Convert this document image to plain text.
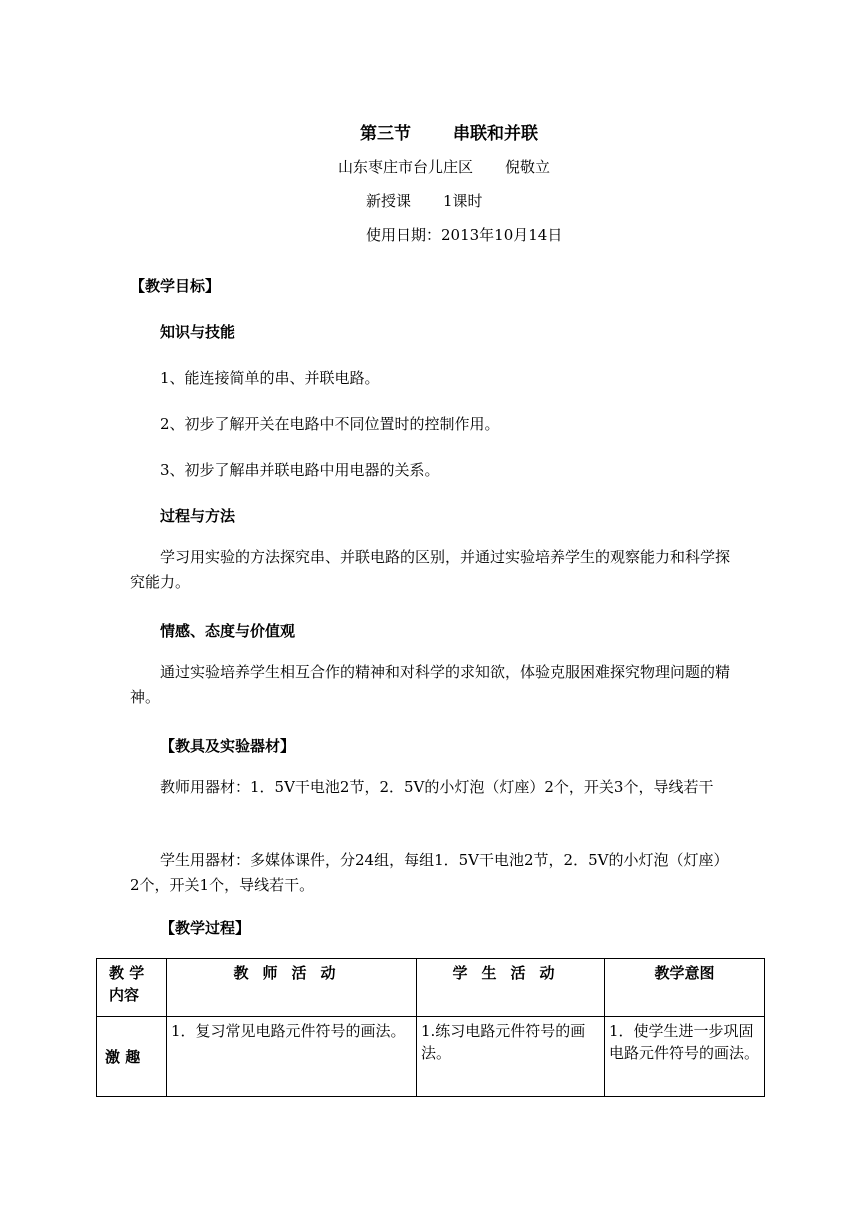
第三节 串联和并联
山东枣庄市台儿庄区 倪敬立
新授课 1课时
使用日期：2013年10月14日
【教学目标】
知识与技能
1、能连接简单的串、并联电路。
2、初步了解开关在电路中不同位置时的控制作用。
3、初步了解串并联电路中用电器的关系。
过程与方法
学习用实验的方法探究串、并联电路的区别，并通过实验培养学生的观察能力和科学探究能力。
情感、态度与价值观
通过实验培养学生相互合作的精神和对科学的求知欲，体验克服困难探究物理问题的精神。
【教具及实验器材】
教师用器材：1．5V干电池2节，2．5V的小灯泡（灯座）2个，开关3个，导线若干
学生用器材：多媒体课件，分24组，每组1．5V干电池2节，2．5V的小灯泡（灯座）2个，开关1个，导线若干。
【教学过程】
教 学 内容	教师活动	学生活动	教学意图
激 趣	1．复习常见电路元件符号的画法。	1.练习电路元件符号的画法。	1．使学生进一步巩固电路元件符号的画法。
